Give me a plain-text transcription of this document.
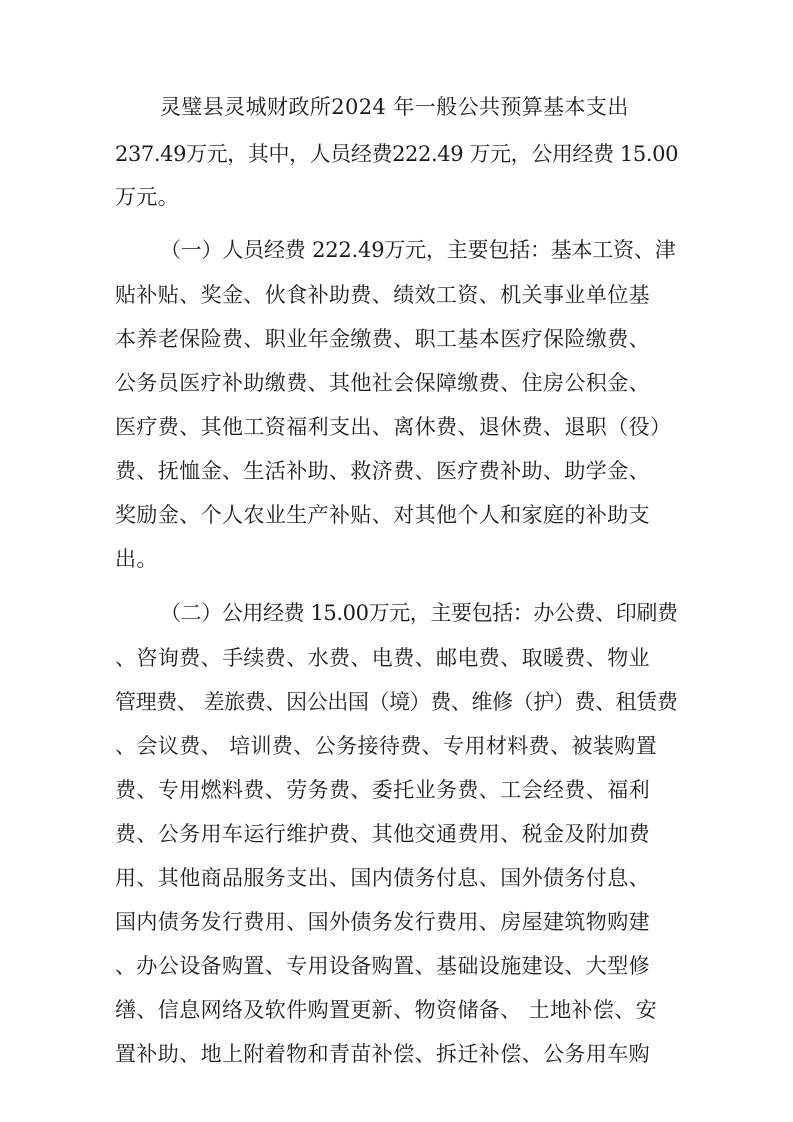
灵璧县灵城财政所2024 年一般公共预算基本支出
237.49万元，其中，人员经费222.49 万元，公用经费 15.00
万元。
（一）人员经费 222.49万元，主要包括：基本工资、津
贴补贴、奖金、伙食补助费、绩效工资、机关事业单位基
本养老保险费、职业年金缴费、职工基本医疗保险缴费、
公务员医疗补助缴费、其他社会保障缴费、住房公积金、
医疗费、其他工资福利支出、离休费、退休费、退职（役）
费、抚恤金、生活补助、救济费、医疗费补助、助学金、
奖励金、个人农业生产补贴、对其他个人和家庭的补助支
出。
（二）公用经费 15.00万元，主要包括：办公费、印刷费
、咨询费、手续费、水费、电费、邮电费、取暖费、物业
管理费、 差旅费、因公出国（境）费、维修（护）费、租赁费
、会议费、 培训费、公务接待费、专用材料费、被装购置
费、专用燃料费、劳务费、委托业务费、工会经费、福利
费、公务用车运行维护费、其他交通费用、税金及附加费
用、其他商品服务支出、国内债务付息、国外债务付息、
国内债务发行费用、国外债务发行费用、房屋建筑物购建
、办公设备购置、专用设备购置、基础设施建设、大型修
缮、信息网络及软件购置更新、物资储备、 土地补偿、安
置补助、地上附着物和青苗补偿、拆迁补偿、公务用车购
